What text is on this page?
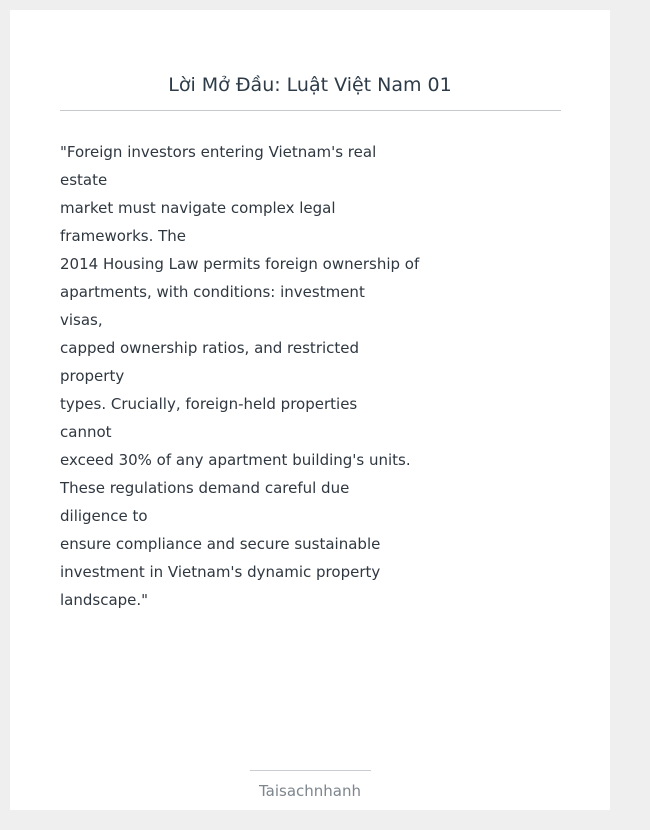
Lời Mở Đầu: Luật Việt Nam 01
"Foreign investors entering Vietnam's real
estate
market must navigate complex legal
frameworks. The
2014 Housing Law permits foreign ownership of
apartments, with conditions: investment
visas,
capped ownership ratios, and restricted
property
types. Crucially, foreign-held properties
cannot
exceed 30% of any apartment building's units.
These regulations demand careful due
diligence to
ensure compliance and secure sustainable
investment in Vietnam's dynamic property
landscape."
Taisachnhanh
